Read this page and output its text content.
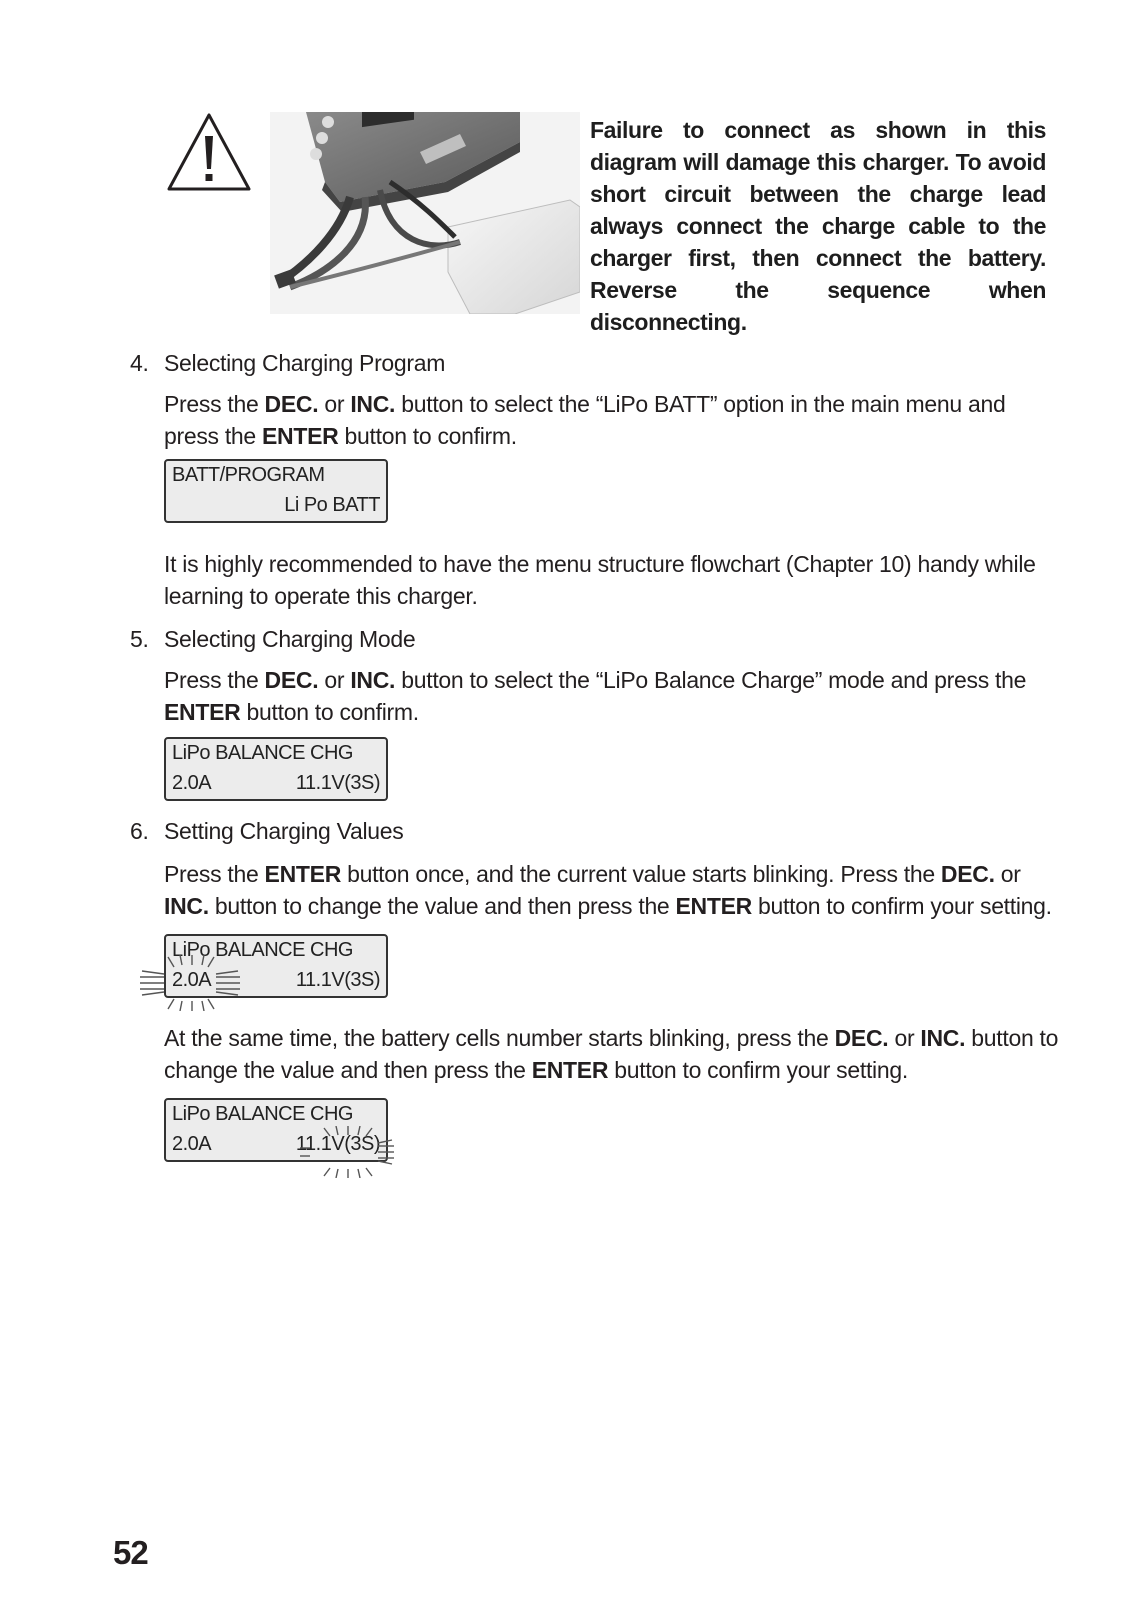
Failure to connect as shown in this diagram will damage this charger. To avoid short circuit between the charge lead always connect the charge cable to the charger first, then connect the battery. Reverse the sequence when disconnecting.
4. Selecting Charging Program
Press the DEC. or INC. button to select the “LiPo BATT” option in the main menu and press the ENTER button to confirm.
BATT/PROGRAM
Li Po BATT
It is highly recommended to have the menu structure flowchart (Chapter 10) handy while learning to operate this charger.
5. Selecting Charging Mode
Press the DEC. or INC. button to select the “LiPo Balance Charge” mode and press the ENTER button to confirm.
LiPo BALANCE CHG
2.0A	11.1V(3S)
6. Setting Charging Values
Press the ENTER button once, and the current value starts blinking. Press the DEC. or INC. button to change the value and then press the ENTER button to confirm your setting.
LiPo BALANCE CHG
2.0A	11.1V(3S)
At the same time, the battery cells number starts blinking, press the DEC. or INC. button to change the value and then press the ENTER button to confirm your setting.
LiPo BALANCE CHG
2.0A	11.1V(3S)
52
